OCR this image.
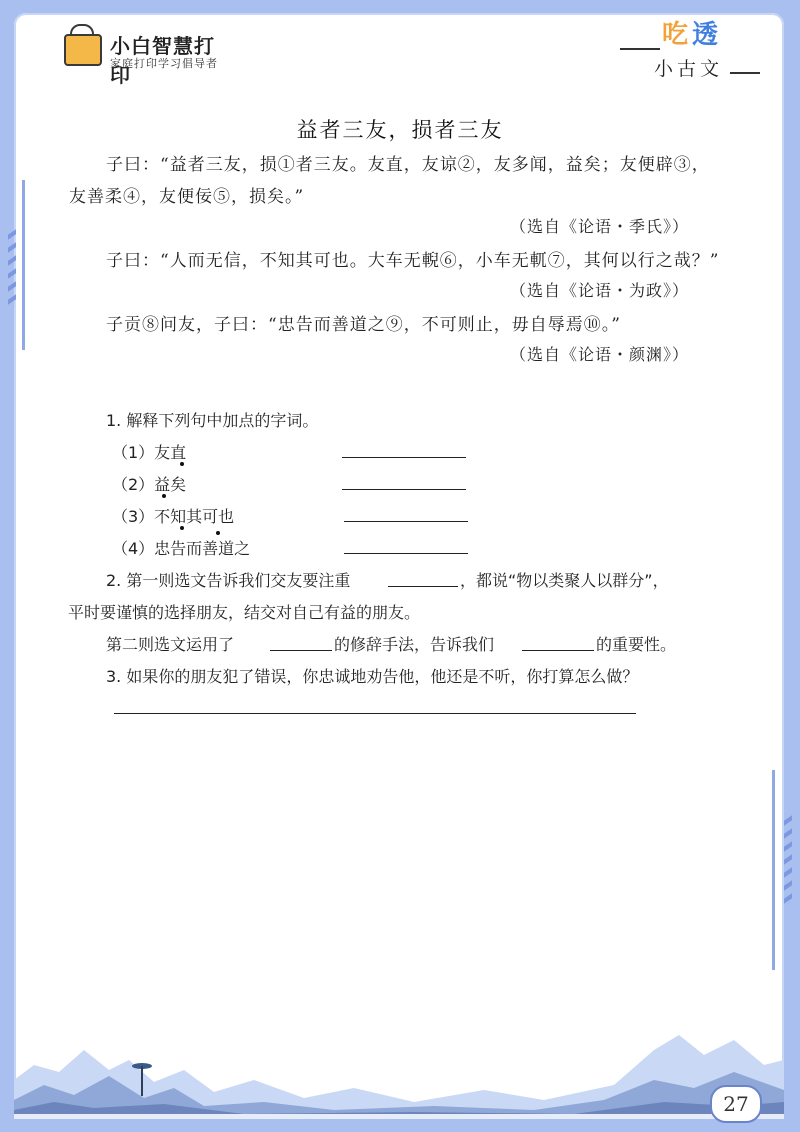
小白智慧打印
家庭打印学习倡导者
吃 透
小古文
益者三友，损者三友
子曰：“益者三友，损①者三友。友直，友谅②，友多闻，益矣；友便辟③，
友善柔④，友便佞⑤，损矣。”
（选自《论语・季氏》）
子曰：“人而无信，不知其可也。大车无輗⑥，小车无軏⑦，其何以行之哉？”
（选自《论语・为政》）
子贡⑧问友，子曰：“忠告而善道之⑨，不可则止，毋自辱焉⑩。”
（选自《论语・颜渊》）
1. 解释下列句中加点的字词。
（1）友直
（2）益矣
（3）不知其可也
（4）忠告而善道之
2. 第一则选文告诉我们交友要注重	，都说“物以类聚人以群分”，
平时要谨慎的选择朋友，结交对自己有益的朋友。
第二则选文运用了	的修辞手法，告诉我们	的重要性。
3. 如果你的朋友犯了错误，你忠诚地劝告他，他还是不听，你打算怎么做？
27
